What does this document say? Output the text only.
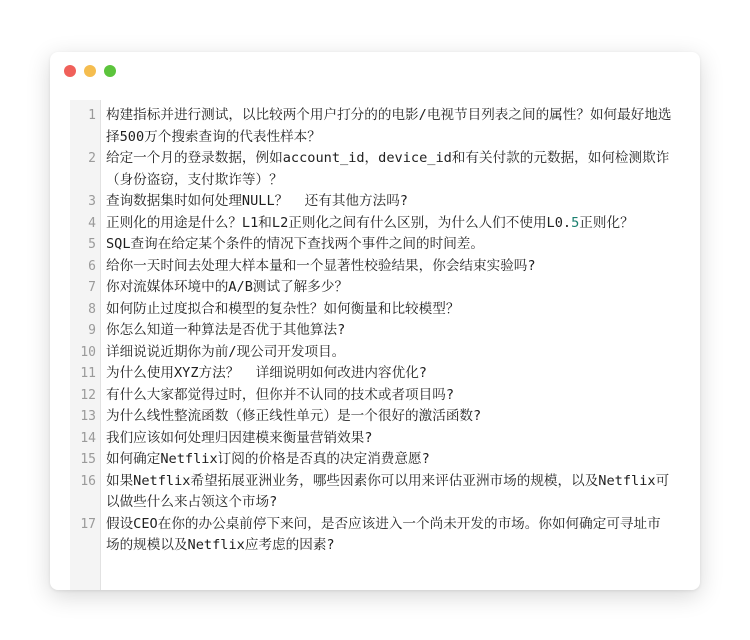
1 构建指标并进行测试，以比较两个用户打分的的电影/电视节目列表之间的属性？如何最好地选择500万个搜索查询的代表性样本？
2 给定一个月的登录数据，例如account_id，device_id和有关付款的元数据，如何检测欺诈（身份盗窃，支付欺诈等）？
3 查询数据集时如何处理NULL？  还有其他方法吗?
4 正则化的用途是什么？L1和L2正则化之间有什么区别，为什么人们不使用L0.5正则化？
5 SQL查询在给定某个条件的情况下查找两个事件之间的时间差。
6 给你一天时间去处理大样本量和一个显著性校验结果，你会结束实验吗?
7 你对流媒体环境中的A/B测试了解多少？
8 如何防止过度拟合和模型的复杂性？如何衡量和比较模型？
9 你怎么知道一种算法是否优于其他算法?
10 详细说说近期你为前/现公司开发项目。
11 为什么使用XYZ方法？  详细说明如何改进内容优化?
12 有什么大家都觉得过时，但你并不认同的技术或者项目吗?
13 为什么线性整流函数（修正线性单元）是一个很好的激活函数?
14 我们应该如何处理归因建模来衡量营销效果?
15 如何确定Netflix订阅的价格是否真的决定消费意愿?
16 如果Netflix希望拓展亚洲业务，哪些因素你可以用来评估亚洲市场的规模，以及Netflix可以做些什么来占领这个市场?
17 假设CEO在你的办公桌前停下来问，是否应该进入一个尚未开发的市场。你如何确定可寻址市场的规模以及Netflix应考虑的因素?
